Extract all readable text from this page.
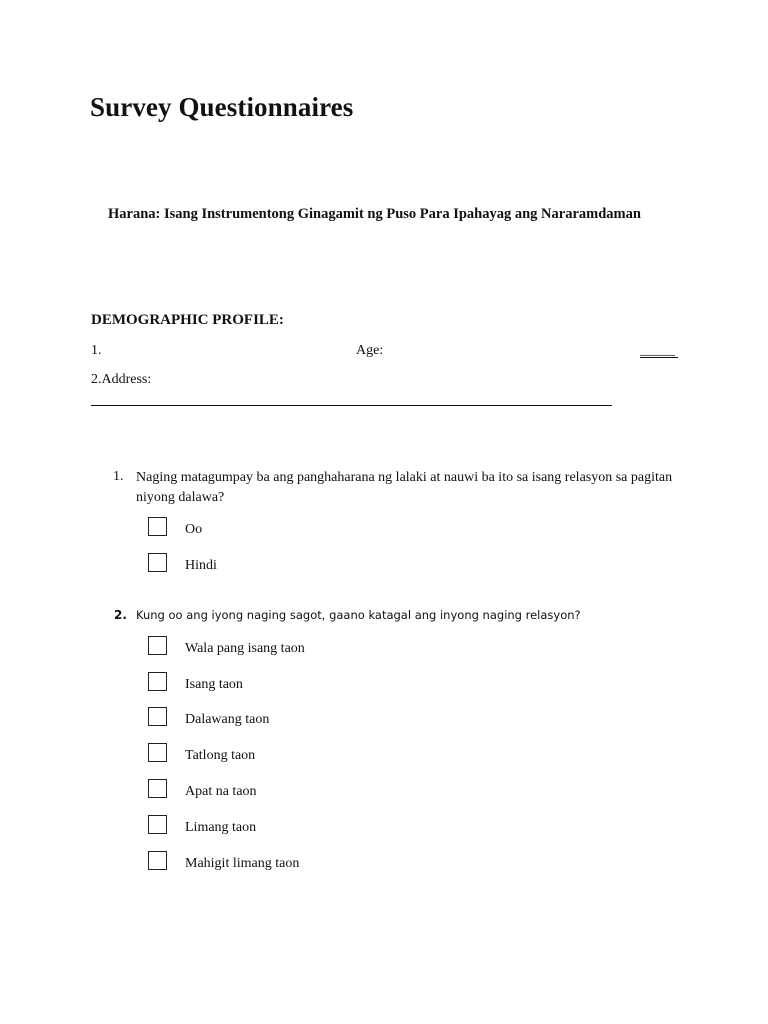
Survey Questionnaires

Harana: Isang Instrumentong Ginagamit ng Puso Para Ipahayag ang Nararamdaman

DEMOGRAPHIC PROFILE:

1.	Age:

2.Address:

1. Naging matagumpay ba ang panghaharana ng lalaki at nauwi ba ito sa isang relasyon sa pagitan niyong dalawa?

Oo
Hindi

2. Kung oo ang iyong naging sagot, gaano katagal ang inyong naging relasyon?

Wala pang isang taon
Isang taon
Dalawang taon
Tatlong taon
Apat na taon
Limang taon
Mahigit limang taon

_____
